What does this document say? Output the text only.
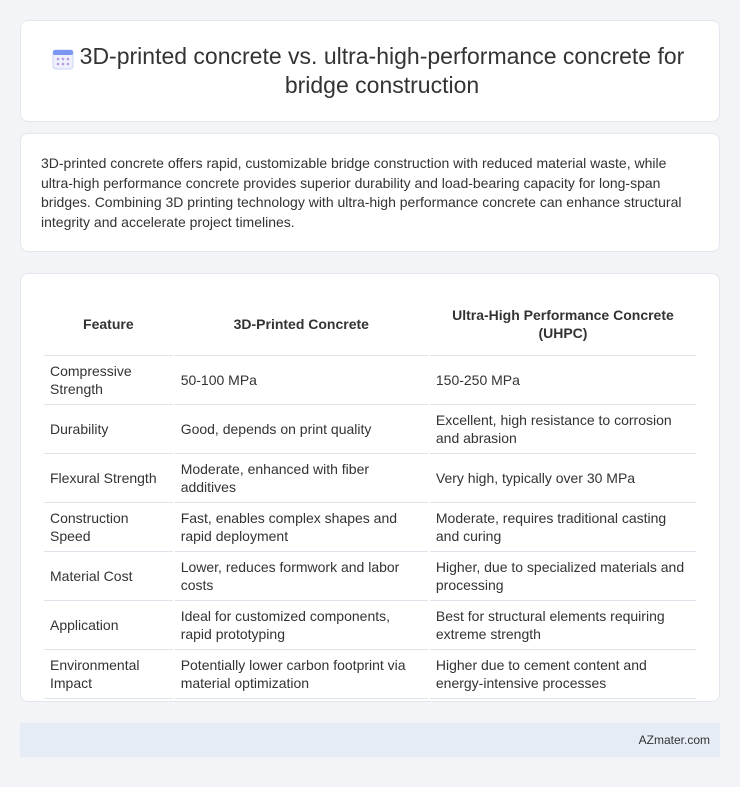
3D-printed concrete vs. ultra-high-performance concrete for bridge construction

3D-printed concrete offers rapid, customizable bridge construction with reduced material waste, while ultra-high performance concrete provides superior durability and load-bearing capacity for long-span bridges. Combining 3D printing technology with ultra-high performance concrete can enhance structural integrity and accelerate project timelines.

Feature	3D-Printed Concrete	Ultra-High Performance Concrete (UHPC)
Compressive Strength	50-100 MPa	150-250 MPa
Durability	Good, depends on print quality	Excellent, high resistance to corrosion and abrasion
Flexural Strength	Moderate, enhanced with fiber additives	Very high, typically over 30 MPa
Construction Speed	Fast, enables complex shapes and rapid deployment	Moderate, requires traditional casting and curing
Material Cost	Lower, reduces formwork and labor costs	Higher, due to specialized materials and processing
Application	Ideal for customized components, rapid prototyping	Best for structural elements requiring extreme strength
Environmental Impact	Potentially lower carbon footprint via material optimization	Higher due to cement content and energy-intensive processes
AZmater.com
